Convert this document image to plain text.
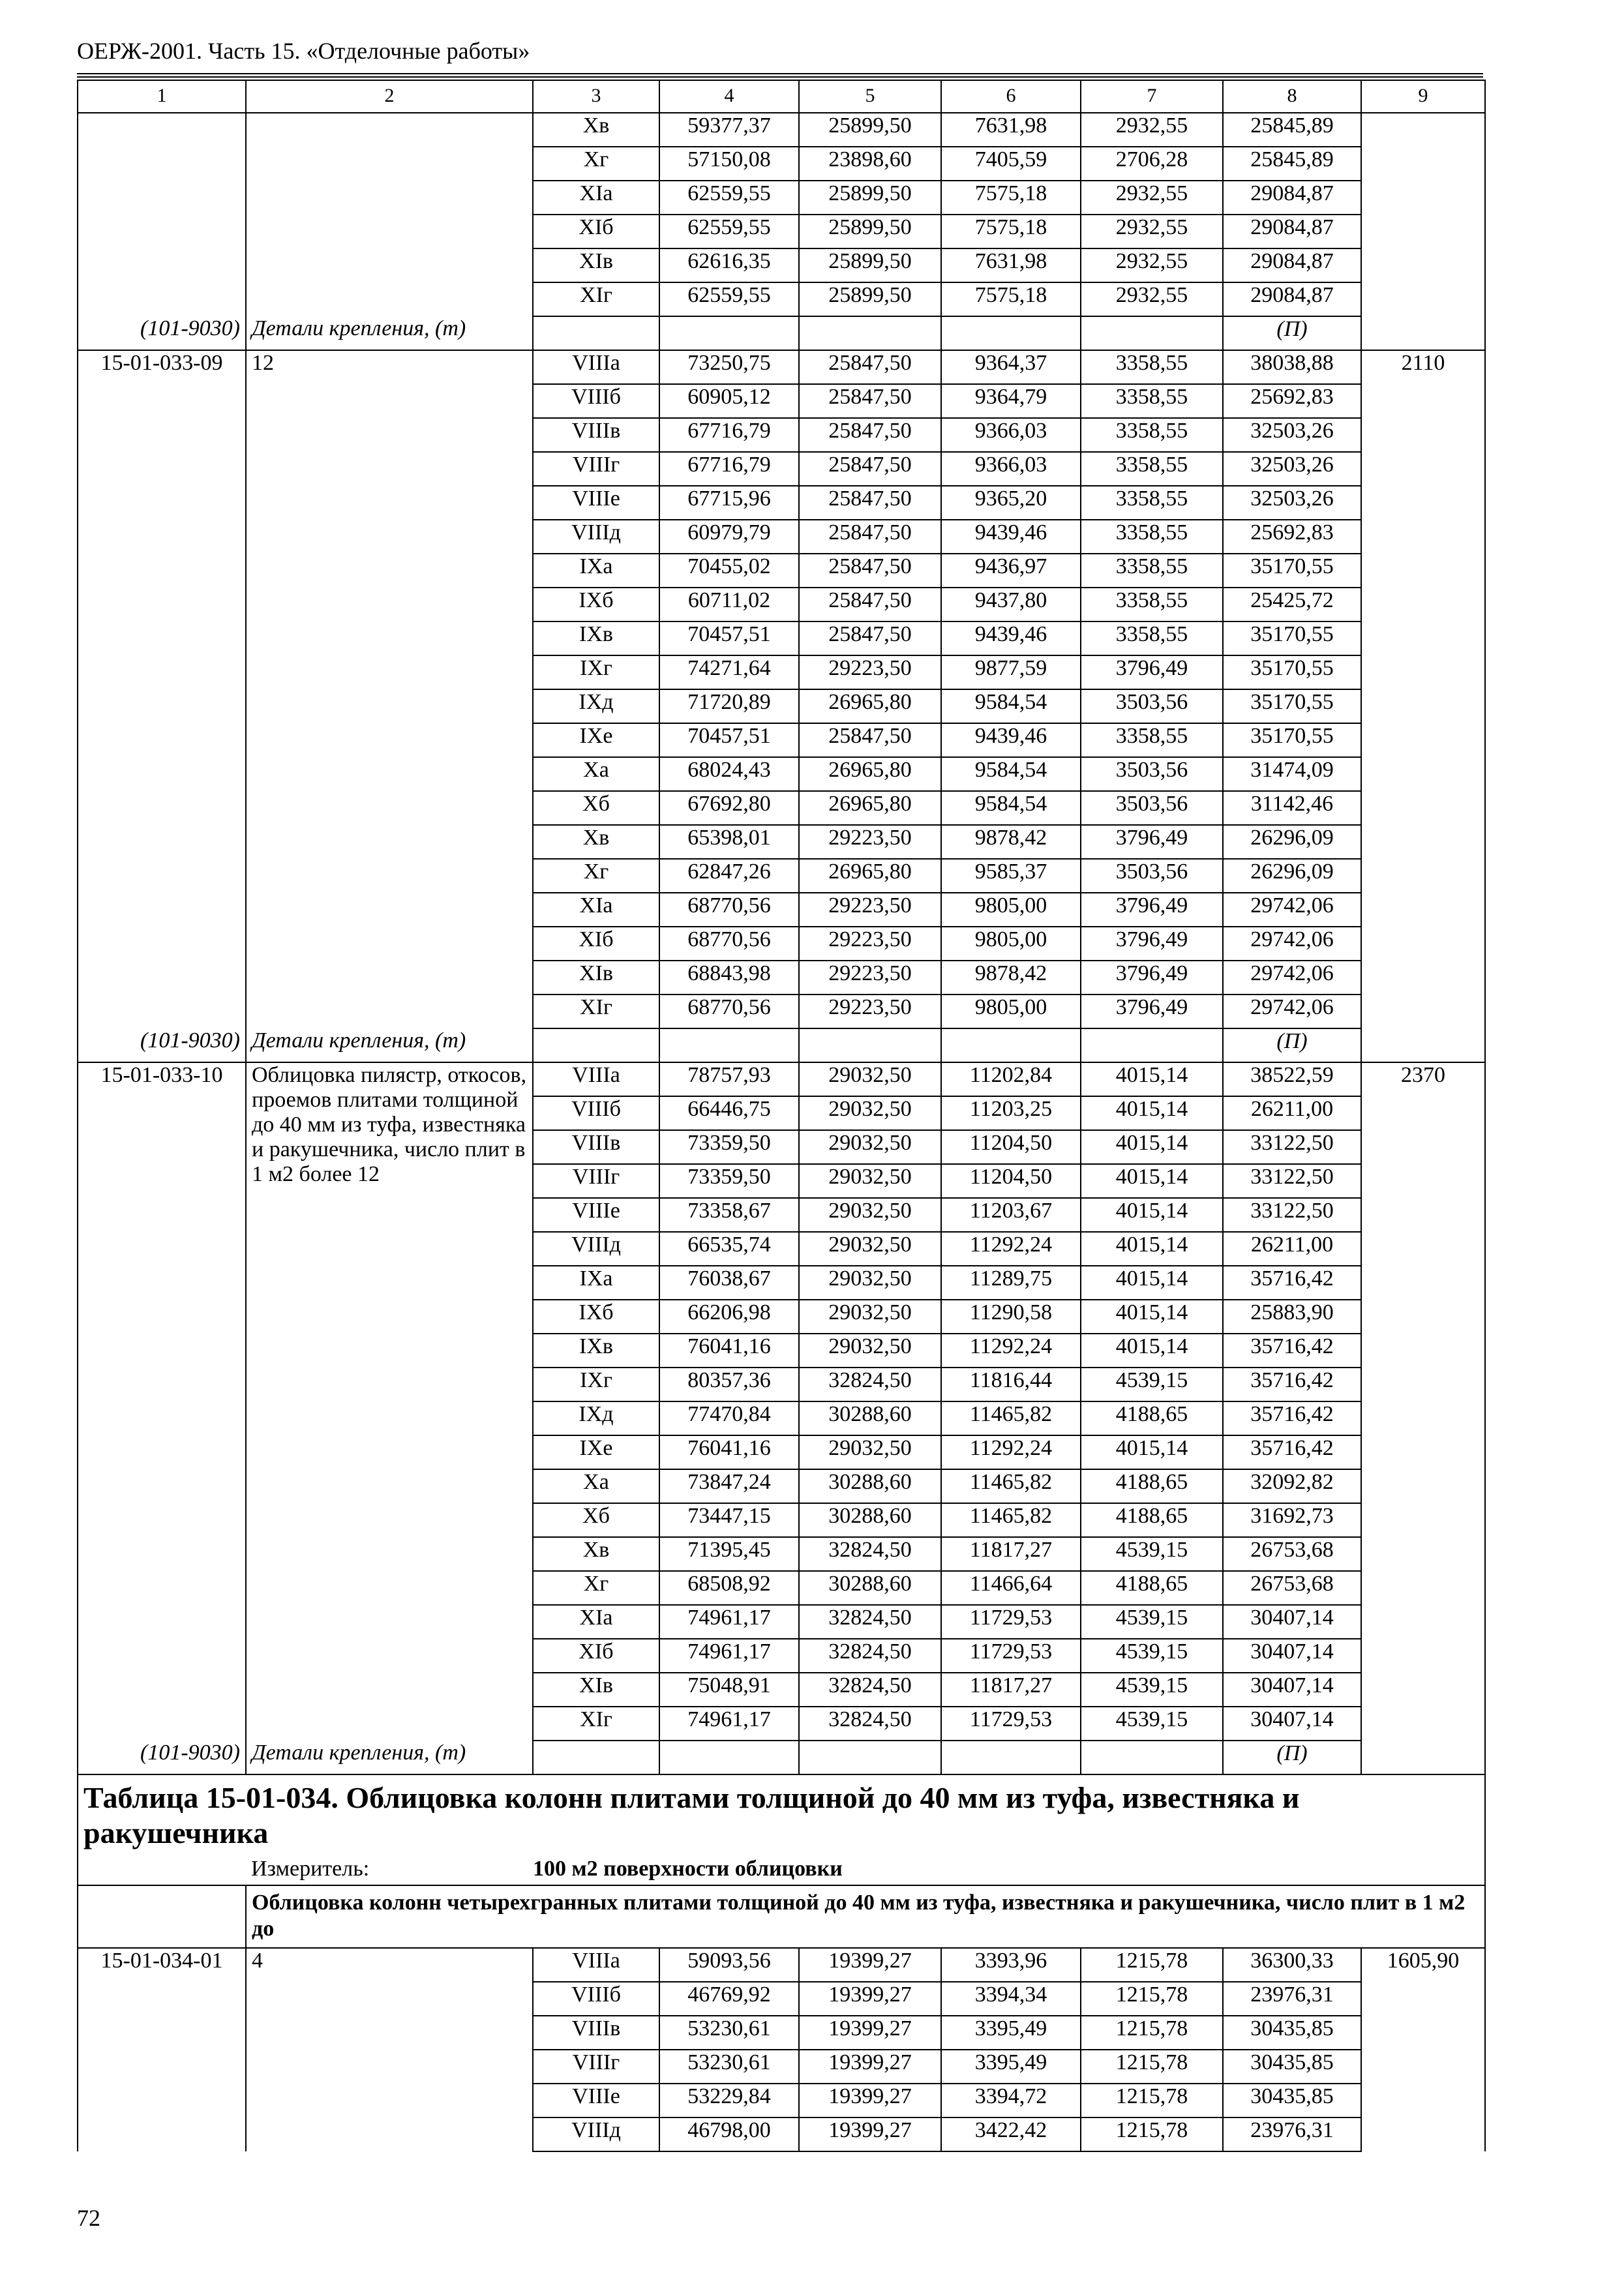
ОЕРЖ-2001. Часть 15. «Отделочные работы»
1	2	3	4	5	6	7	8	9
		Хв	59377,37	25899,50	7631,98	2932,55	25845,89	
		Хг	57150,08	23898,60	7405,59	2706,28	25845,89	
		ХIа	62559,55	25899,50	7575,18	2932,55	29084,87	
		ХIб	62559,55	25899,50	7575,18	2932,55	29084,87	
		ХIв	62616,35	25899,50	7631,98	2932,55	29084,87	
		ХIг	62559,55	25899,50	7575,18	2932,55	29084,87	
(101-9030)	Детали крепления, (т)						(П)	
15-01-033-09	12	VIIIа	73250,75	25847,50	9364,37	3358,55	38038,88	2110
		VIIIб	60905,12	25847,50	9364,79	3358,55	25692,83	
		VIIIв	67716,79	25847,50	9366,03	3358,55	32503,26	
		VIIIг	67716,79	25847,50	9366,03	3358,55	32503,26	
		VIIIе	67715,96	25847,50	9365,20	3358,55	32503,26	
		VIIIд	60979,79	25847,50	9439,46	3358,55	25692,83	
		IХа	70455,02	25847,50	9436,97	3358,55	35170,55	
		IХб	60711,02	25847,50	9437,80	3358,55	25425,72	
		IХв	70457,51	25847,50	9439,46	3358,55	35170,55	
		IХг	74271,64	29223,50	9877,59	3796,49	35170,55	
		IХд	71720,89	26965,80	9584,54	3503,56	35170,55	
		IХе	70457,51	25847,50	9439,46	3358,55	35170,55	
		Ха	68024,43	26965,80	9584,54	3503,56	31474,09	
		Хб	67692,80	26965,80	9584,54	3503,56	31142,46	
		Хв	65398,01	29223,50	9878,42	3796,49	26296,09	
		Хг	62847,26	26965,80	9585,37	3503,56	26296,09	
		ХIа	68770,56	29223,50	9805,00	3796,49	29742,06	
		ХIб	68770,56	29223,50	9805,00	3796,49	29742,06	
		ХIв	68843,98	29223,50	9878,42	3796,49	29742,06	
		ХIг	68770,56	29223,50	9805,00	3796,49	29742,06	
(101-9030)	Детали крепления, (т)						(П)	
15-01-033-10	Облицовка пилястр, откосов, проемов плитами толщиной до 40 мм из туфа, известняка и ракушечника, число плит в 1 м2 более 12	VIIIа	78757,93	29032,50	11202,84	4015,14	38522,59	2370
		VIIIб	66446,75	29032,50	11203,25	4015,14	26211,00	
		VIIIв	73359,50	29032,50	11204,50	4015,14	33122,50	
		VIIIг	73359,50	29032,50	11204,50	4015,14	33122,50	
		VIIIе	73358,67	29032,50	11203,67	4015,14	33122,50	
		VIIIд	66535,74	29032,50	11292,24	4015,14	26211,00	
		IХа	76038,67	29032,50	11289,75	4015,14	35716,42	
		IХб	66206,98	29032,50	11290,58	4015,14	25883,90	
		IХв	76041,16	29032,50	11292,24	4015,14	35716,42	
		IХг	80357,36	32824,50	11816,44	4539,15	35716,42	
		IХд	77470,84	30288,60	11465,82	4188,65	35716,42	
		IХе	76041,16	29032,50	11292,24	4015,14	35716,42	
		Ха	73847,24	30288,60	11465,82	4188,65	32092,82	
		Хб	73447,15	30288,60	11465,82	4188,65	31692,73	
		Хв	71395,45	32824,50	11817,27	4539,15	26753,68	
		Хг	68508,92	30288,60	11466,64	4188,65	26753,68	
		ХIа	74961,17	32824,50	11729,53	4539,15	30407,14	
		ХIб	74961,17	32824,50	11729,53	4539,15	30407,14	
		ХIв	75048,91	32824,50	11817,27	4539,15	30407,14	
		ХIг	74961,17	32824,50	11729,53	4539,15	30407,14	
(101-9030)	Детали крепления, (т)						(П)	
Таблица 15-01-034. Облицовка колонн плитами толщиной до 40 мм из туфа, известняка и ракушечника								
	Измеритель:	100 м2 поверхности облицовки						
	Облицовка колонн четырехгранных плитами толщиной до 40 мм из туфа, известняка и ракушечника, число плит в 1 м2 до							
15-01-034-01	4	VIIIа	59093,56	19399,27	3393,96	1215,78	36300,33	1605,90
		VIIIб	46769,92	19399,27	3394,34	1215,78	23976,31	
		VIIIв	53230,61	19399,27	3395,49	1215,78	30435,85	
		VIIIг	53230,61	19399,27	3395,49	1215,78	30435,85	
		VIIIе	53229,84	19399,27	3394,72	1215,78	30435,85	
		VIIIд	46798,00	19399,27	3422,42	1215,78	23976,31	
72
